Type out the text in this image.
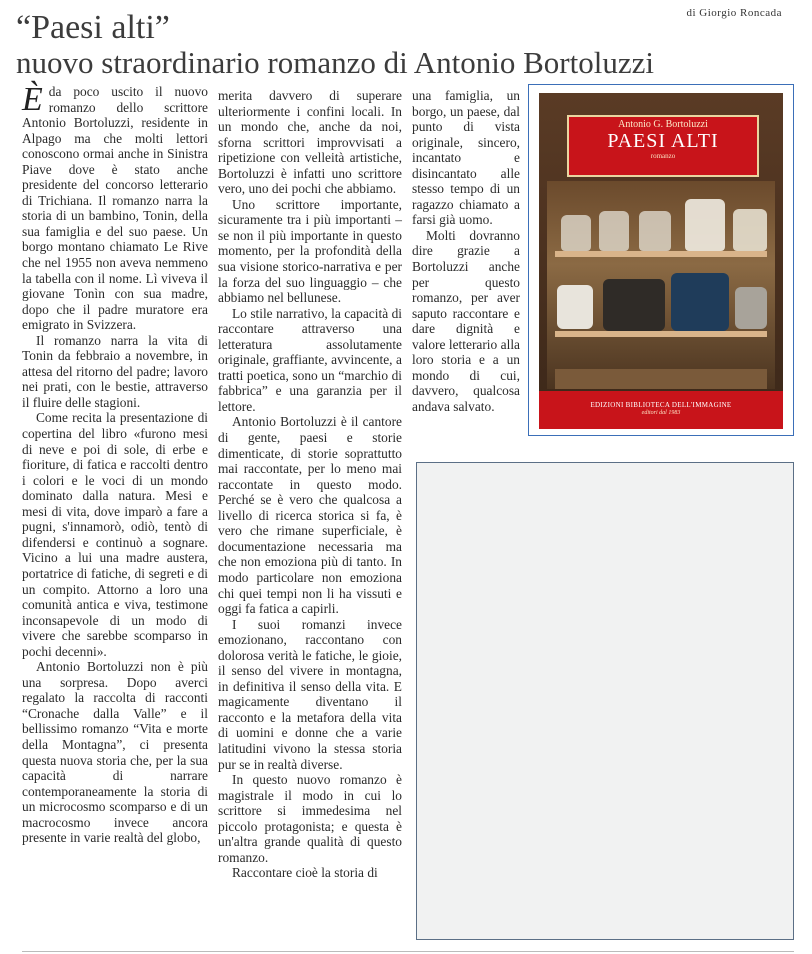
di Giorgio Roncada
“Paesi alti”
nuovo straordinario romanzo di Antonio Bortoluzzi

Èda poco uscito il nuovo romanzo dello scrittore Antonio Bortoluzzi, residente in Alpago ma che molti lettori conoscono ormai anche in Sinistra Piave dove è stato anche presidente del concorso letterario di Trichiana. Il romanzo narra la storia di un bambino, Tonin, della sua famiglia e del suo paese. Un borgo montano chiamato Le Rive che nel 1955 non aveva nemmeno la tabella con il nome. Lì viveva il giovane Tonìn con sua madre, dopo che il padre muratore era emigrato in Svizzera.

Il romanzo narra la vita di Tonin da febbraio a novembre, in attesa del ritorno del padre; lavoro nei prati, con le bestie, attraverso il fluire delle stagioni.

Come recita la presentazione di copertina del libro «furono mesi di neve e poi di sole, di erbe e fioriture, di fatica e raccolti dentro i colori e le voci di un mondo dominato dalla natura. Mesi e mesi di vita, dove imparò a fare a pugni, s'innamorò, odiò, tentò di difendersi e continuò a sognare. Vicino a lui una madre austera, portatrice di fatiche, di segreti e di un compito. Attorno a loro una comunità antica e viva, testimone inconsapevole di un modo di vivere che sarebbe scomparso in pochi decenni».

Antonio Bortoluzzi non è più una sorpresa. Dopo averci regalato la raccolta di racconti “Cronache dalla Valle” e il bellissimo romanzo “Vita e morte della Montagna”, ci presenta questa nuova storia che, per la sua capacità di narrare contemporaneamente la storia di un microcosmo scomparso e di un macrocosmo invece ancora presente in varie realtà del globo,

merita davvero di superare ulteriormente i confini locali. In un mondo che, anche da noi, sforna scrittori improvvisati a ripetizione con velleità artistiche, Bortoluzzi è infatti uno scrittore vero, uno dei pochi che abbiamo.

Uno scrittore importante, sicuramente tra i più importanti – se non il più importante in questo momento, per la profondità della sua visione storico-narrativa e per la forza del suo linguaggio – che abbiamo nel bellunese.

Lo stile narrativo, la capacità di raccontare attraverso una letteratura assolutamente originale, graffiante, avvincente, a tratti poetica, sono un “marchio di fabbrica” e una garanzia per il lettore.

Antonio Bortoluzzi è il cantore di gente, paesi e storie dimenticate, di storie soprattutto mai raccontate, per lo meno mai raccontate in questo modo. Perché se è vero che qualcosa a livello di ricerca storica si fa, è vero che rimane superficiale, è documentazione necessaria ma che non emoziona più di tanto. In modo particolare non emoziona chi quei tempi non li ha vissuti e oggi fa fatica a capirli.

I suoi romanzi invece emozionano, raccontano con dolorosa verità le fatiche, le gioie, il senso del vivere in montagna, in definitiva il senso della vita. E magicamente diventano il racconto e la metafora della vita di uomini e donne che a varie latitudini vivono la stessa storia pur se in realtà diverse.

In questo nuovo romanzo è magistrale il modo in cui lo scrittore si immedesima nel piccolo protagonista; e questa è un'altra grande qualità di questo romanzo.

Raccontare cioè la storia di

una famiglia, un borgo, un paese, dal punto di vista originale, sincero, incantato e disincantato alle stesso tempo di un ragazzo chiamato a farsi già uomo.

Molti dovranno dire grazie a Bortoluzzi anche per questo romanzo, per aver saputo raccontare e dare dignità e valore letterario alla loro storia e a un mondo di cui, davvero, qualcosa andava salvato.

Antonio G. Bortoluzzi
PAESI ALTI
romanzo
EDIZIONI BIBLIOTECA DELL'IMMAGINE
editori dal 1983
